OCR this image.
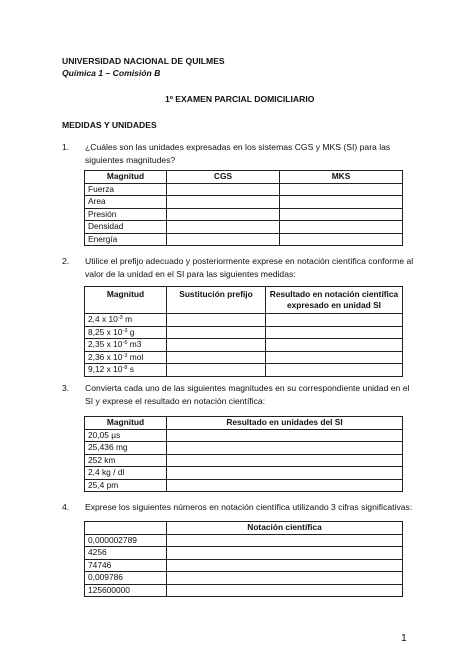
UNIVERSIDAD NACIONAL DE QUILMES
Química 1 – Comisión B
1º EXAMEN PARCIAL DOMICILIARIO
MEDIDAS Y UNIDADES
1. ¿Cuáles son las unidades expresadas en los sistemas CGS y MKS (SI) para las siguientes magnitudes?
Magnitud	CGS	MKS
Fuerza		
Area		
Presión		
Densidad		
Energía		
2. Utilice el prefijo adecuado y posteriormente exprese en notación científica conforme al valor de la unidad en el SI para las siguientes medidas:
Magnitud	Sustitución prefijo	Resultado en notación científica expresado en unidad SI
2,4 x $10^{-3}$ m		
8,25 x $10^{-3}$ g		
2,35 x $10^{-6}$ m3		
2,36 x $10^{-3}$ mol		
9,12 x $10^{-8}$ s		
3. Convierta cada uno de las siguientes magnitudes en su correspondiente unidad en el SI y exprese el resultado en notación científica:
Magnitud	Resultado en unidades del SI
20,05 µs	
25,436 mg	
252 km	
2,4 kg / dl	
25,4 pm	
4. Exprese los siguientes números en notación científica utilizando 3 cifras significativas:
	Notación científica
0,000002789	
4256	
74746	
0,009786	
125600000	
1
